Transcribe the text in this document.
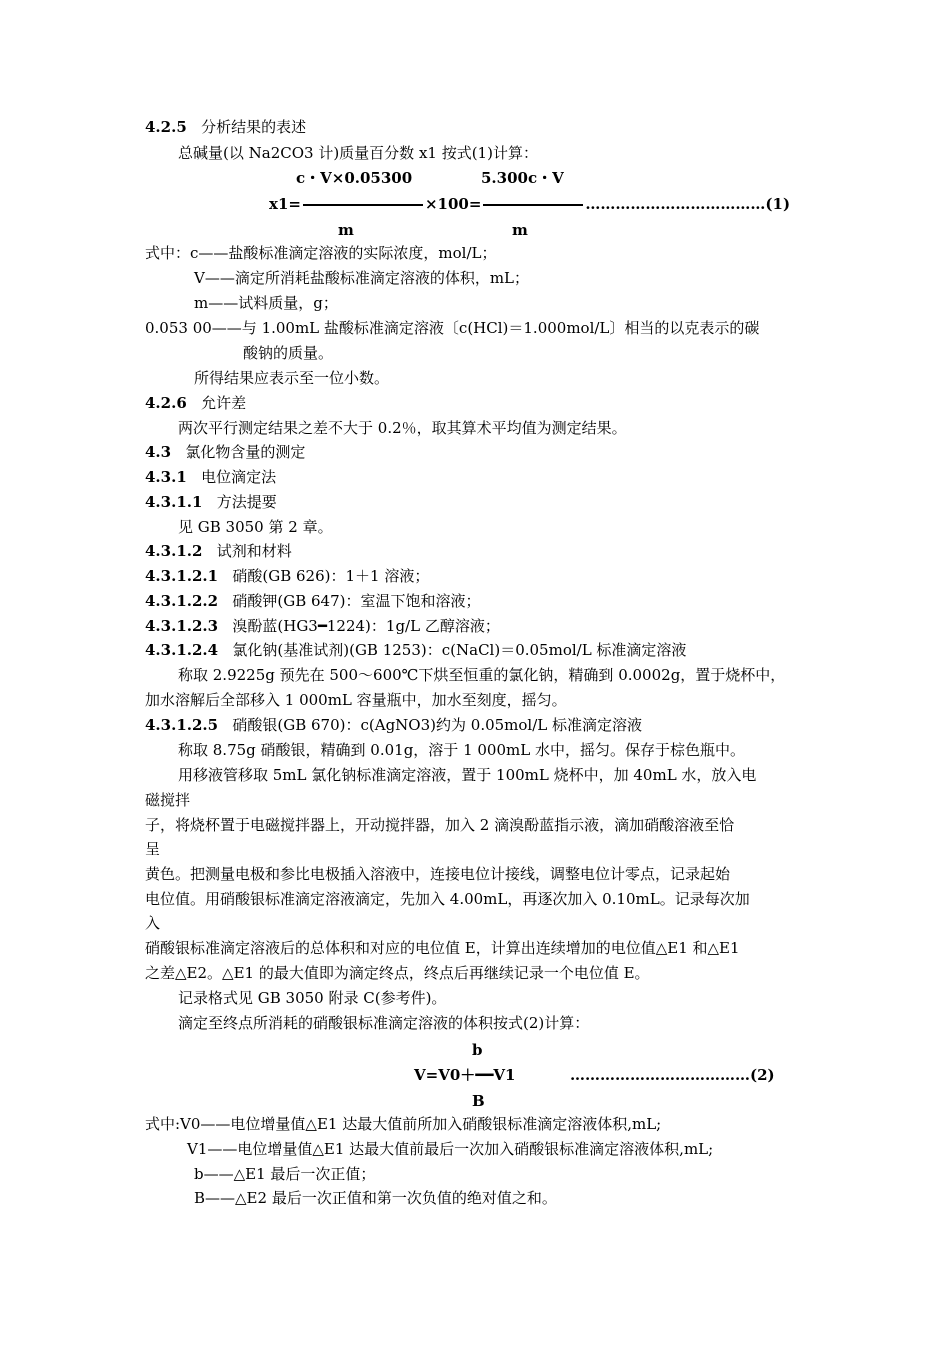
4.2.5 分析结果的表述
总碱量(以 Na2CO3 计)质量百分数 x1 按式(1)计算：
c・V×0.05300	5.300c・V
x1=	×100=	………………………………(1)
m	m
式中：c——盐酸标准滴定溶液的实际浓度，mol/L；
V——滴定所消耗盐酸标准滴定溶液的体积，mL；
m——试料质量，g；
0.053 00——与 1.00mL 盐酸标准滴定溶液〔c(HCl)＝1.000mol/L〕相当的以克表示的碳
酸钠的质量。
所得结果应表示至一位小数。
4.2.6 允许差
两次平行测定结果之差不大于 0.2％，取其算术平均值为测定结果。
4.3 氯化物含量的测定
4.3.1 电位滴定法
4.3.1.1 方法提要
见 GB 3050 第 2 章。
4.3.1.2 试剂和材料
4.3.1.2.1 硝酸(GB 626)：1＋1 溶液；
4.3.1.2.2 硝酸钾(GB 647)：室温下饱和溶液；
4.3.1.2.3 溴酚蓝(HG3━1224)：1g/L 乙醇溶液；
4.3.1.2.4 氯化钠(基准试剂)(GB 1253)：c(NaCl)＝0.05mol/L 标准滴定溶液
称取 2.9225g 预先在 500～600℃下烘至恒重的氯化钠，精确到 0.0002g，置于烧杯中，
加水溶解后全部移入 1 000mL 容量瓶中，加水至刻度，摇匀。
4.3.1.2.5 硝酸银(GB 670)：c(AgNO3)约为 0.05mol/L 标准滴定溶液
称取 8.75g 硝酸银，精确到 0.01g，溶于 1 000mL 水中，摇匀。保存于棕色瓶中。
用移液管移取 5mL 氯化钠标准滴定溶液，置于 100mL 烧杯中，加 40mL 水，放入电
磁搅拌
子，将烧杯置于电磁搅拌器上，开动搅拌器，加入 2 滴溴酚蓝指示液，滴加硝酸溶液至恰
呈
黄色。把测量电极和参比电极插入溶液中，连接电位计接线，调整电位计零点，记录起始
电位值。用硝酸银标准滴定溶液滴定，先加入 4.00mL，再逐次加入 0.10mL。记录每次加
入
硝酸银标准滴定溶液后的总体积和对应的电位值 E，计算出连续增加的电位值△E1 和△E1
之差△E2。△E1 的最大值即为滴定终点，终点后再继续记录一个电位值 E。
记录格式见 GB 3050 附录 C(参考件)。
滴定至终点所消耗的硝酸银标准滴定溶液的体积按式(2)计算：
b
V=V0＋━━V1	………………………………(2)
B
式中:V0——电位增量值△E1 达最大值前所加入硝酸银标准滴定溶液体积,mL;
V1——电位增量值△E1 达最大值前最后一次加入硝酸银标准滴定溶液体积,mL;
b——△E1 最后一次正值；
B——△E2 最后一次正值和第一次负值的绝对值之和。
